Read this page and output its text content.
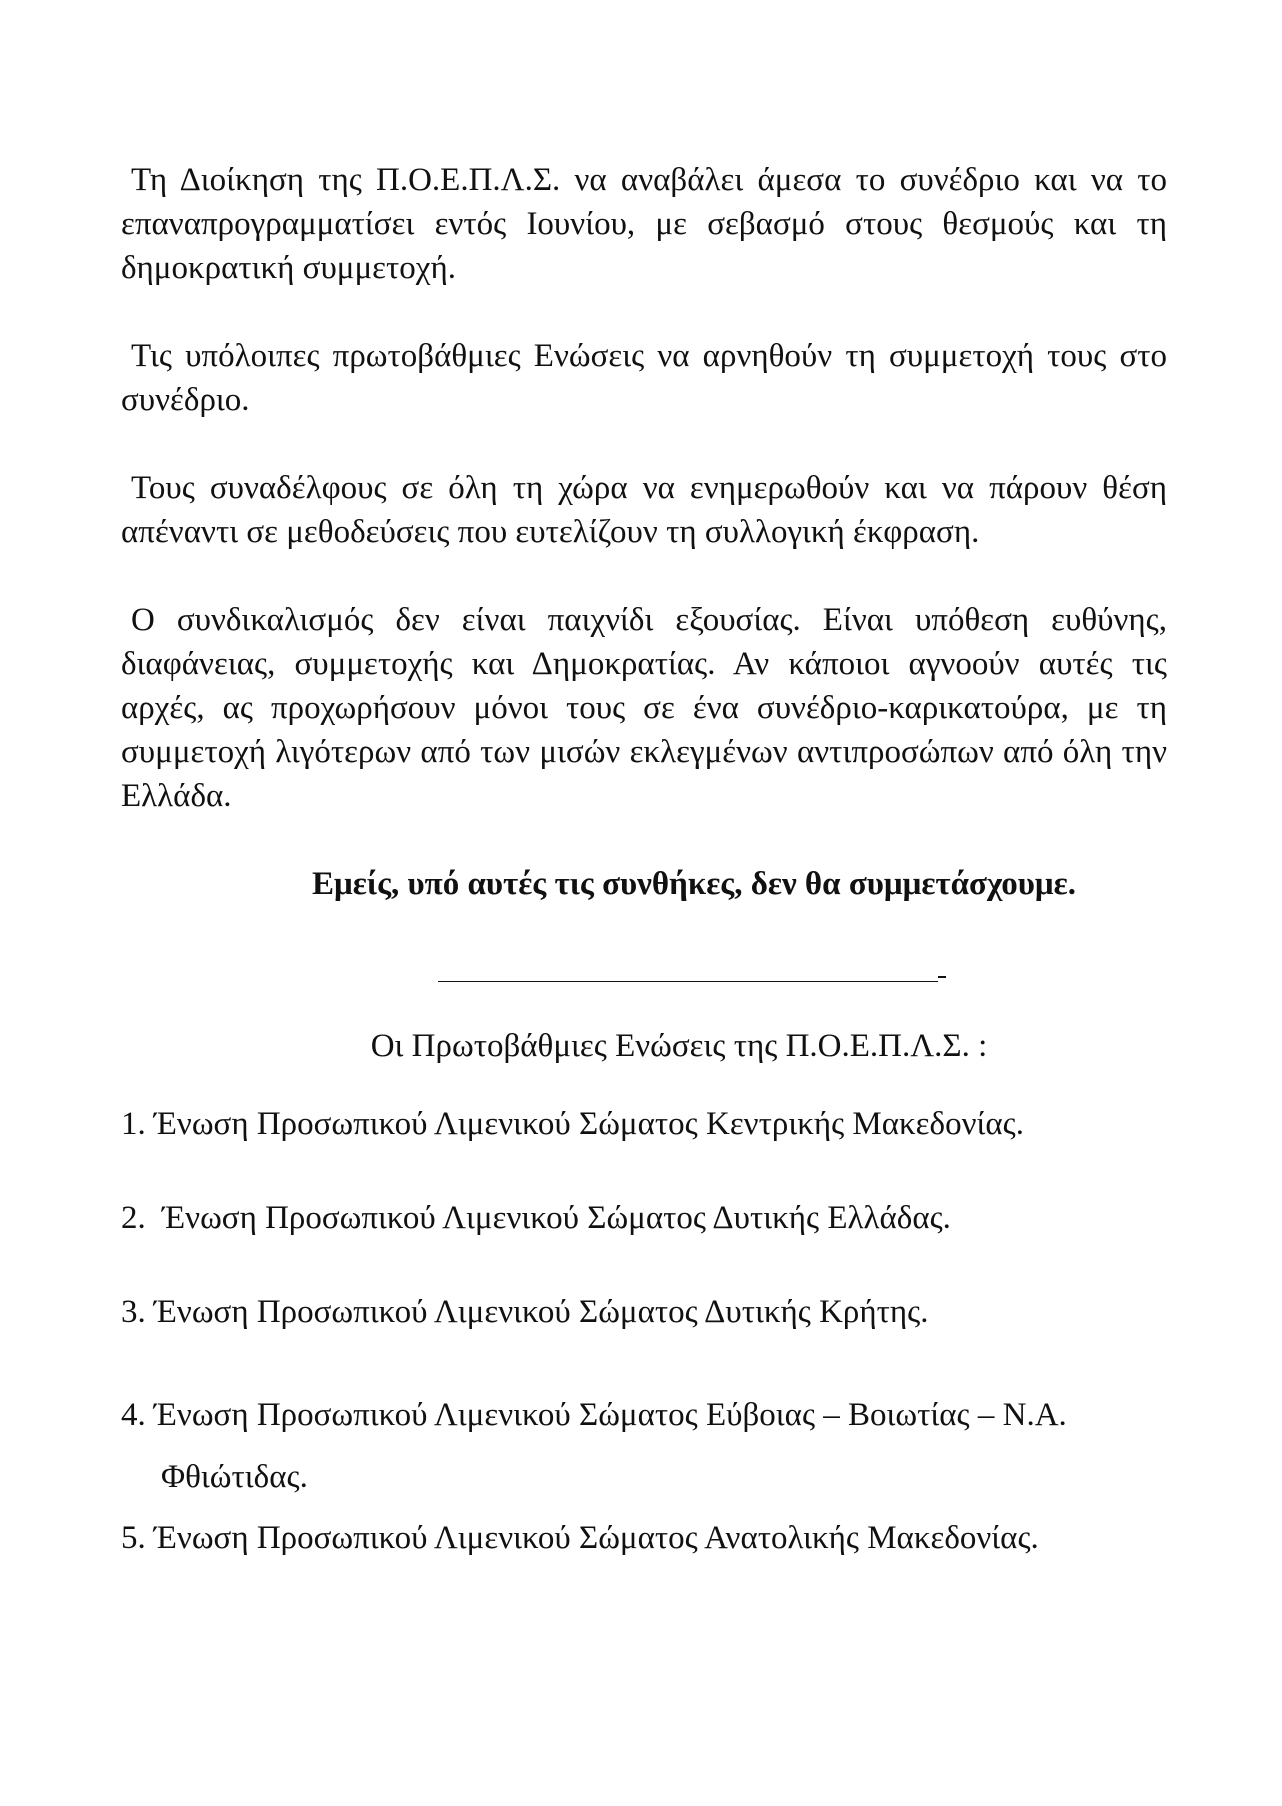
Τη Διοίκηση της Π.Ο.Ε.Π.Λ.Σ. να αναβάλει άμεσα το συνέδριο και να το επαναπρογραμματίσει εντός Ιουνίου, με σεβασμό στους θεσμούς και τη δημοκρατική συμμετοχή.

Τις υπόλοιπες πρωτοβάθμιες Ενώσεις να αρνηθούν τη συμμετοχή τους στο συνέδριο.

Τους συναδέλφους σε όλη τη χώρα να ενημερωθούν και να πάρουν θέση απέναντι σε μεθοδεύσεις που ευτελίζουν τη συλλογική έκφραση.

Ο συνδικαλισμός δεν είναι παιχνίδι εξουσίας. Είναι υπόθεση ευθύνης, διαφάνειας, συμμετοχής και Δημοκρατίας. Αν κάποιοι αγνοούν αυτές τις αρχές, ας προχωρήσουν μόνοι τους σε ένα συνέδριο-καρικατούρα, με τη συμμετοχή λιγότερων από των μισών εκλεγμένων αντιπροσώπων από όλη την Ελλάδα.

Εμείς, υπό αυτές τις συνθήκες, δεν θα συμμετάσχουμε.

Οι Πρωτοβάθμιες Ενώσεις της Π.Ο.Ε.Π.Λ.Σ. :

1. Ένωση Προσωπικού Λιμενικού Σώματος Κεντρικής Μακεδονίας.
2. Ένωση Προσωπικού Λιμενικού Σώματος Δυτικής Ελλάδας.
3. Ένωση Προσωπικού Λιμενικού Σώματος Δυτικής Κρήτης.
4. Ένωση Προσωπικού Λιμενικού Σώματος Εύβοιας – Βοιωτίας – Ν.Α. Φθιώτιδας.
5. Ένωση Προσωπικού Λιμενικού Σώματος Ανατολικής Μακεδονίας.
